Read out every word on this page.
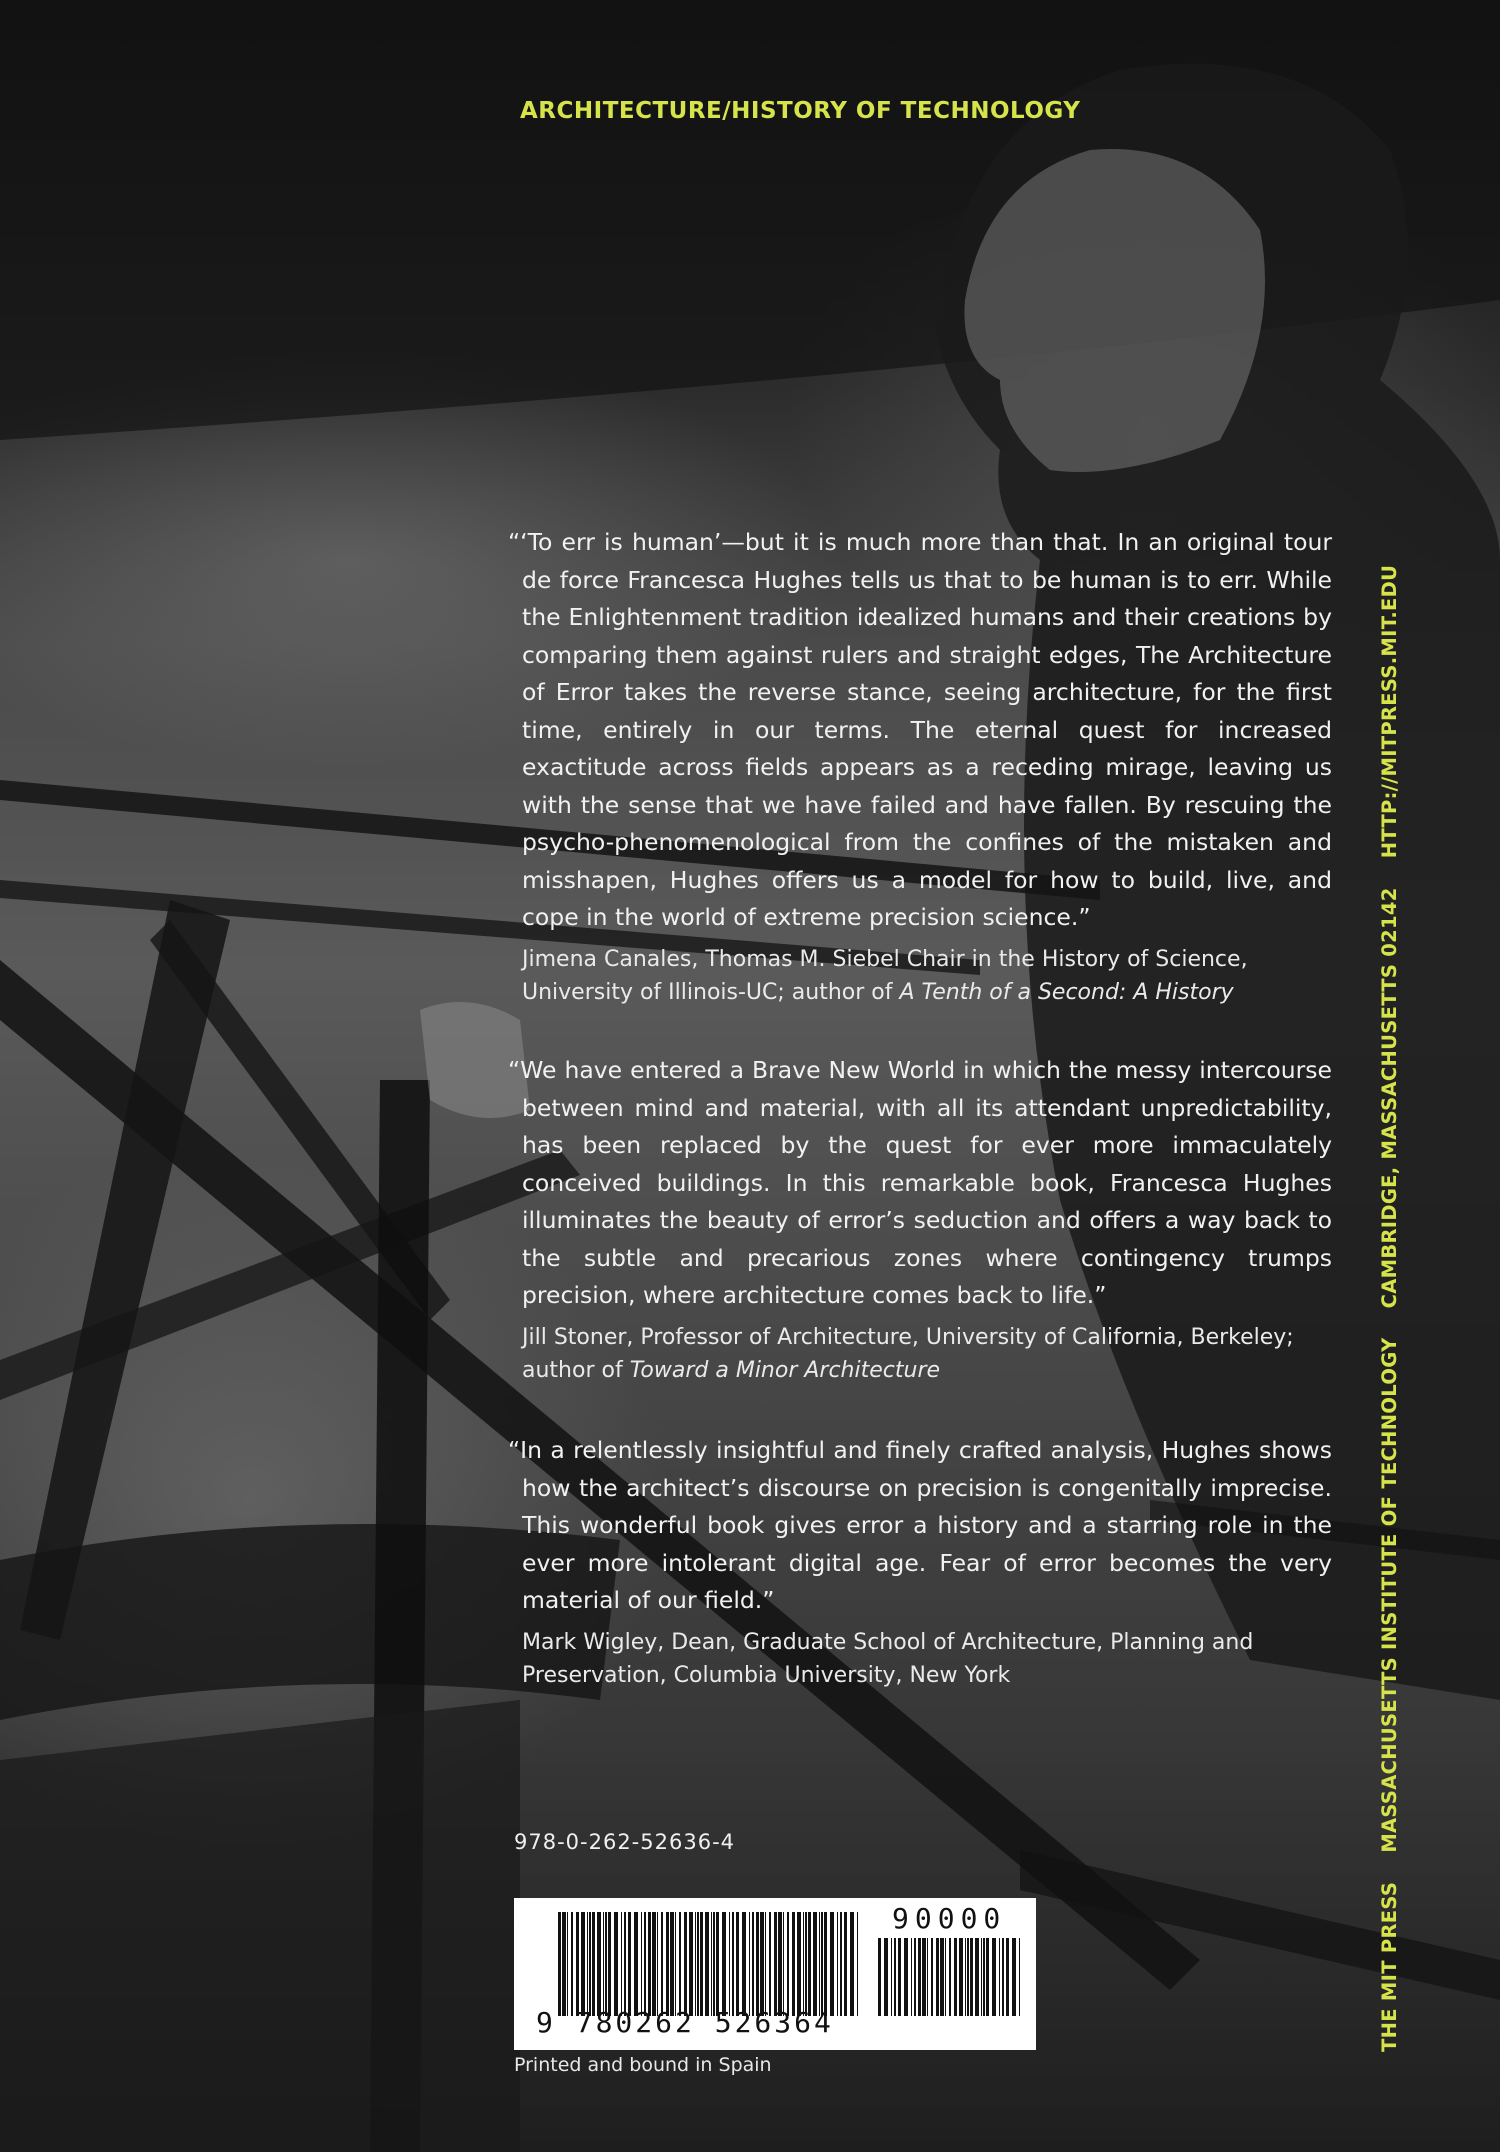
ARCHITECTURE/HISTORY OF TECHNOLOGY

“‘To err is human’—but it is much more than that. In an original tour de force Francesca Hughes tells us that to be human is to err. While the Enlightenment tradition idealized humans and their creations by comparing them against rulers and straight edges, The Architecture of Error takes the reverse stance, seeing architecture, for the first time, entirely in our terms. The eternal quest for increased exactitude across fields appears as a receding mirage, leaving us with the sense that we have failed and have fallen. By rescuing the psycho-phenomenological from the confines of the mistaken and misshapen, Hughes offers us a model for how to build, live, and cope in the world of extreme precision science.”

Jimena Canales, Thomas M. Siebel Chair in the History of Science, University of Illinois-UC; author of A Tenth of a Second: A History

“We have entered a Brave New World in which the messy intercourse between mind and material, with all its attendant unpredictability, has been replaced by the quest for ever more immaculately conceived buildings. In this remarkable book, Francesca Hughes illuminates the beauty of error’s seduction and offers a way back to the subtle and precarious zones where contingency trumps precision, where architecture comes back to life.”

Jill Stoner, Professor of Architecture, University of California, Berkeley; author of Toward a Minor Architecture

“In a relentlessly insightful and finely crafted analysis, Hughes shows how the architect’s discourse on precision is congenitally imprecise. This wonderful book gives error a history and a starring role in the ever more intolerant digital age. Fear of error becomes the very material of our field.”

Mark Wigley, Dean, Graduate School of Architecture, Planning and Preservation, Columbia University, New York
THE MIT PRESS MASSACHUSETTS INSTITUTE OF TECHNOLOGY CAMBRIDGE, MASSACHUSETTS 02142 HTTP://MITPRESS.MIT.EDU
978-0-262-52636-4
9 780262 526364
90000
Printed and bound in Spain
